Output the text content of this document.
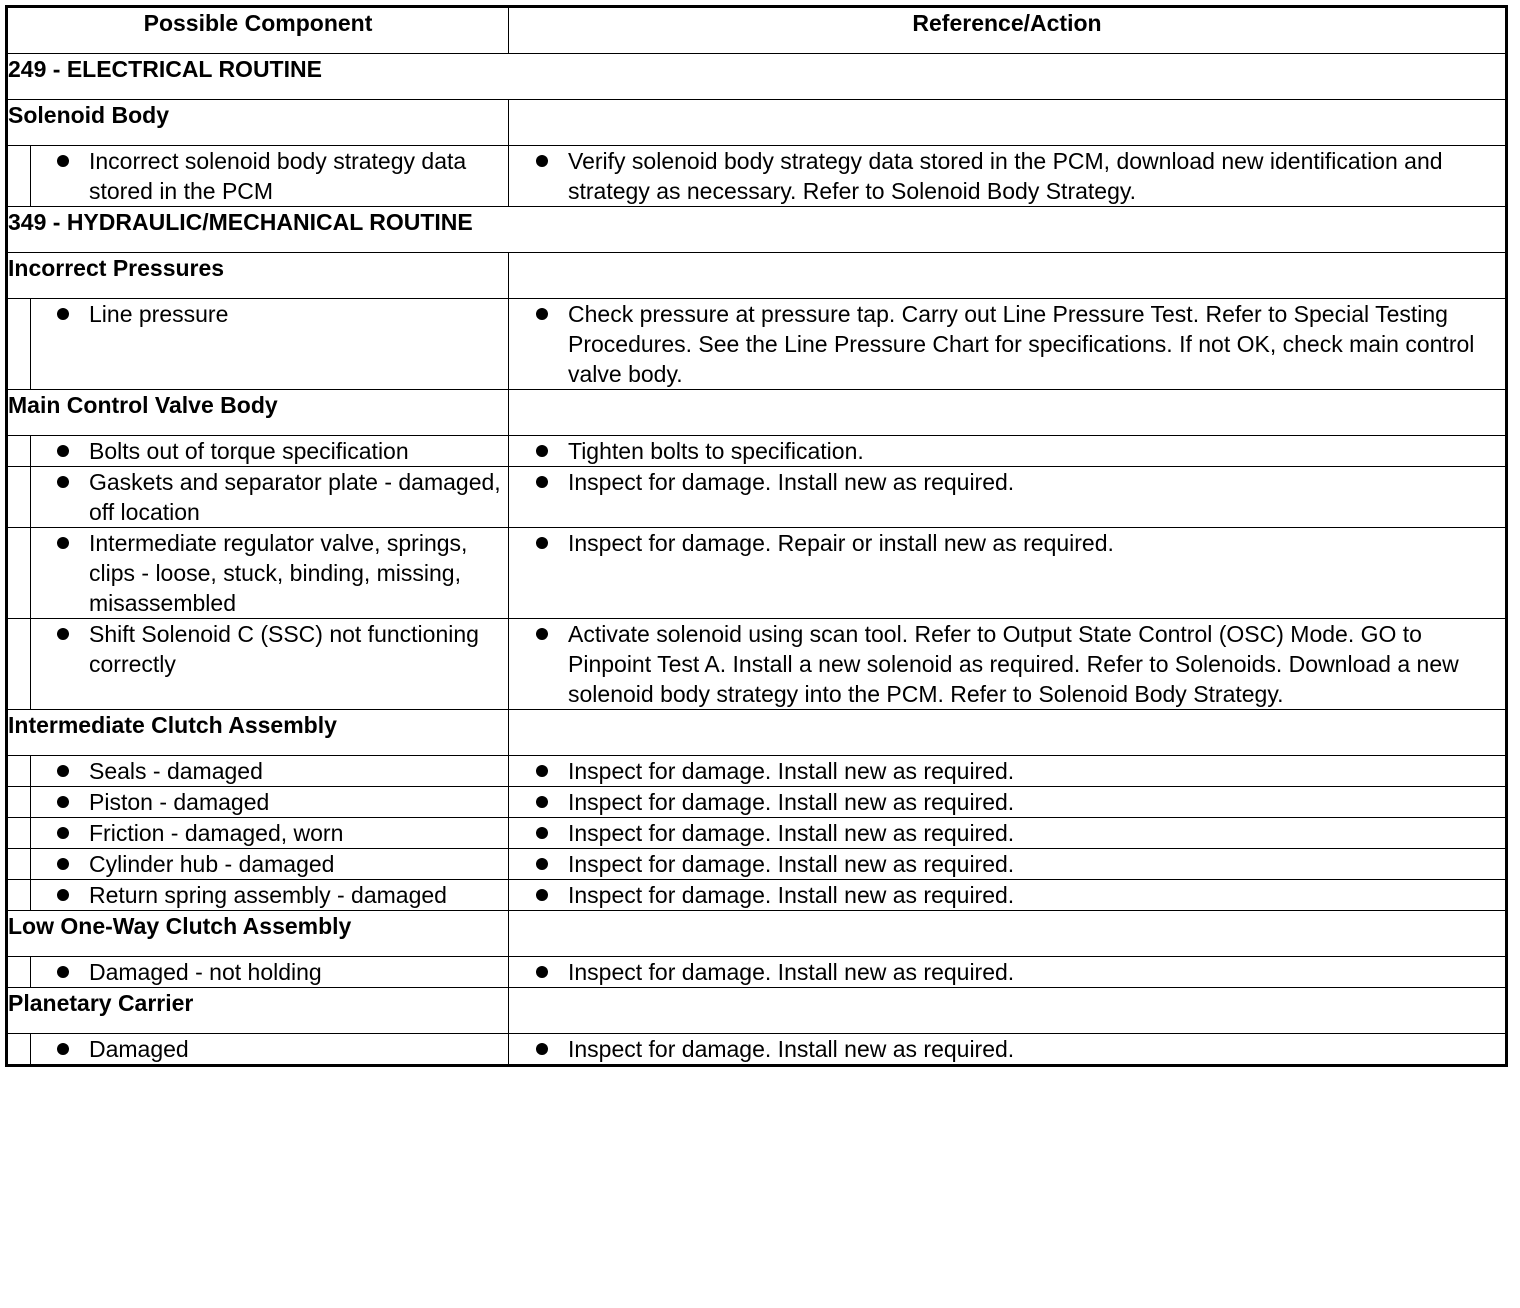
Possible Component		Reference/Action
249 - ELECTRICAL ROUTINE		
Solenoid Body		

	Incorrect solenoid body strategy data stored in the PCM	Verify solenoid body strategy data stored in the PCM, download new identification and strategy as necessary. Refer to Solenoid Body Strategy.

349 - HYDRAULIC/MECHANICAL ROUTINE		
Incorrect Pressures		

	Line pressure	Check pressure at pressure tap. Carry out Line Pressure Test. Refer to Special Testing Procedures. See the Line Pressure Chart for specifications. If not OK, check main control valve body.

Main Control Valve Body		

	Bolts out of torque specification	Tighten bolts to specification.

	Gaskets and separator plate - damaged, off location	Inspect for damage. Install new as required.

	Intermediate regulator valve, springs, clips - loose, stuck, binding, missing, misassembled	Inspect for damage. Repair or install new as required.

	Shift Solenoid C (SSC) not functioning correctly	Activate solenoid using scan tool. Refer to Output State Control (OSC) Mode. GO to Pinpoint Test A. Install a new solenoid as required. Refer to Solenoids. Download a new solenoid body strategy into the PCM. Refer to Solenoid Body Strategy.

Intermediate Clutch Assembly		

	Seals - damaged	Inspect for damage. Install new as required.

	Piston - damaged	Inspect for damage. Install new as required.

	Friction - damaged, worn	Inspect for damage. Install new as required.

	Cylinder hub - damaged	Inspect for damage. Install new as required.

	Return spring assembly - damaged	Inspect for damage. Install new as required.

Low One-Way Clutch Assembly		

	Damaged - not holding	Inspect for damage. Install new as required.

Planetary Carrier		

	Damaged	Inspect for damage. Install new as required.
